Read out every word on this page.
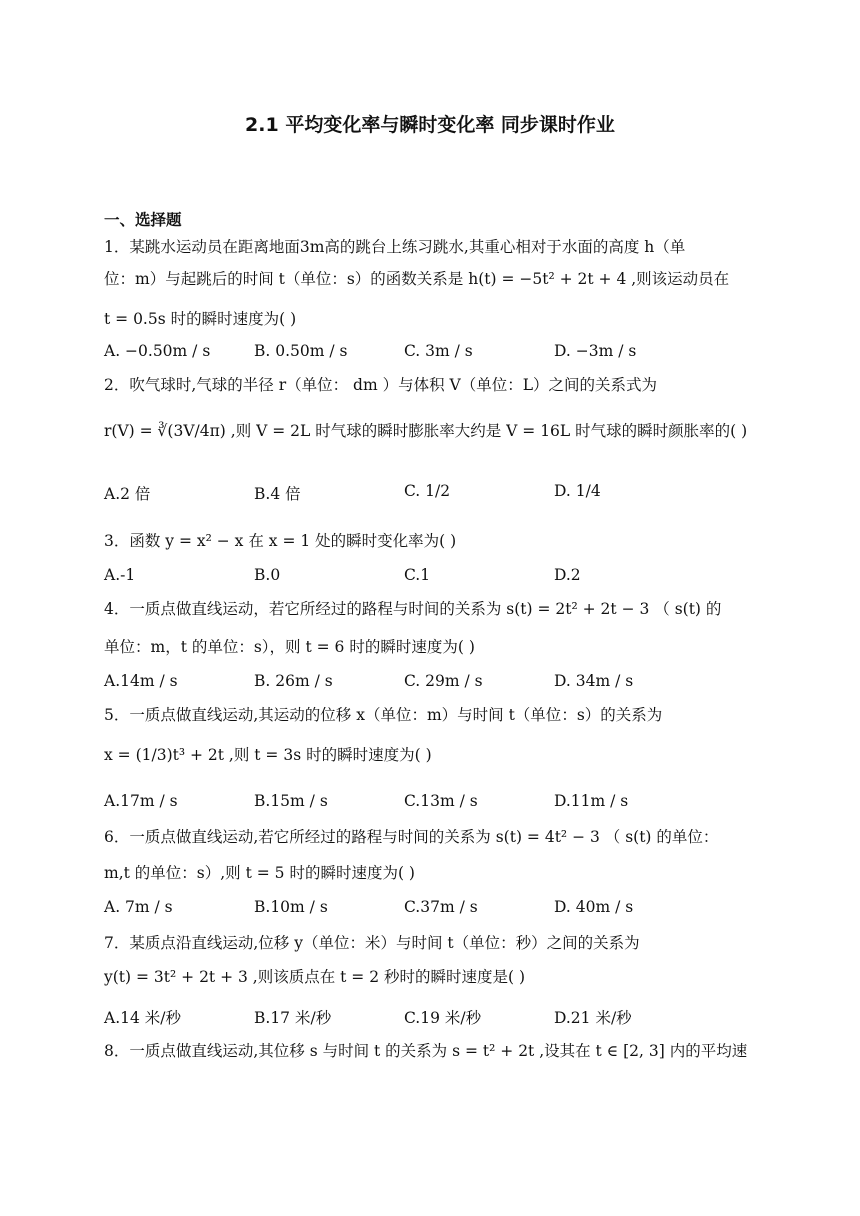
2.1 平均变化率与瞬时变化率 同步课时作业
一、选择题
1．某跳水运动员在距离地面3m高的跳台上练习跳水,其重心相对于水面的高度 h（单
位：m）与起跳后的时间 t（单位：s）的函数关系是 h(t) = −5t² + 2t + 4 ,则该运动员在
t = 0.5s 时的瞬时速度为( )
A. −0.50m / s	B. 0.50m / s	C. 3m / s	D. −3m / s
2．吹气球时,气球的半径 r（单位： dm ）与体积 V（单位：L）之间的关系式为
r(V) = ∛(3V/4π) ,则 V = 2L 时气球的瞬时膨胀率大约是 V = 16L 时气球的瞬时颜胀率的( )
A.2 倍	B.4 倍	C. 1/2	D. 1/4
3．函数 y = x² − x 在 x = 1 处的瞬时变化率为( )
A.-1	B.0	C.1	D.2
4．一质点做直线运动，若它所经过的路程与时间的关系为 s(t) = 2t² + 2t − 3 （ s(t) 的
单位：m，t 的单位：s），则 t = 6 时的瞬时速度为( )
A.14m / s	B. 26m / s	C. 29m / s	D. 34m / s
5．一质点做直线运动,其运动的位移 x（单位：m）与时间 t（单位：s）的关系为
x = (1/3)t³ + 2t ,则 t = 3s 时的瞬时速度为( )
A.17m / s	B.15m / s	C.13m / s	D.11m / s
6．一质点做直线运动,若它所经过的路程与时间的关系为 s(t) = 4t² − 3 （ s(t) 的单位：
m,t 的单位：s）,则 t = 5 时的瞬时速度为( )
A. 7m / s	B.10m / s	C.37m / s	D. 40m / s
7．某质点沿直线运动,位移 y（单位：米）与时间 t（单位：秒）之间的关系为
y(t) = 3t² + 2t + 3 ,则该质点在 t = 2 秒时的瞬时速度是( )
A.14 米/秒	B.17 米/秒	C.19 米/秒	D.21 米/秒
8．一质点做直线运动,其位移 s 与时间 t 的关系为 s = t² + 2t ,设其在 t ∈ [2, 3] 内的平均速
